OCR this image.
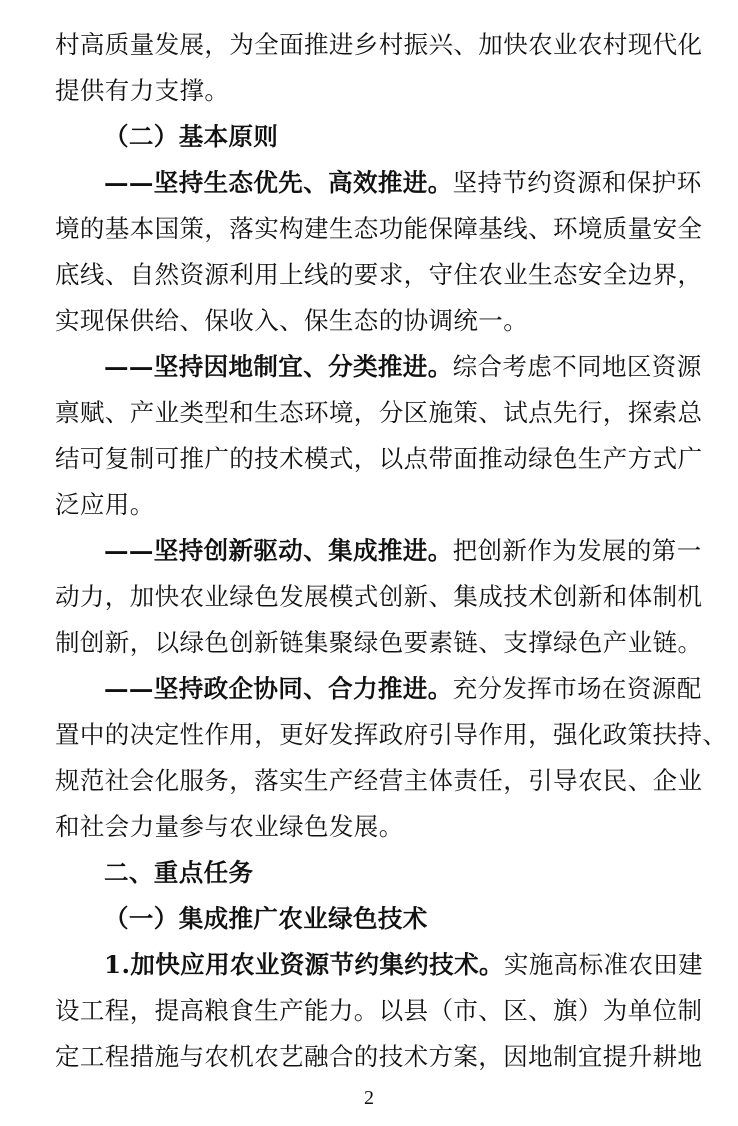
村高质量发展，为全面推进乡村振兴、加快农业农村现代化
提供有力支撑。
（二）基本原则
——坚持生态优先、高效推进。坚持节约资源和保护环
境的基本国策，落实构建生态功能保障基线、环境质量安全
底线、自然资源利用上线的要求，守住农业生态安全边界，
实现保供给、保收入、保生态的协调统一。
——坚持因地制宜、分类推进。综合考虑不同地区资源
禀赋、产业类型和生态环境，分区施策、试点先行，探索总
结可复制可推广的技术模式，以点带面推动绿色生产方式广
泛应用。
——坚持创新驱动、集成推进。把创新作为发展的第一
动力，加快农业绿色发展模式创新、集成技术创新和体制机
制创新，以绿色创新链集聚绿色要素链、支撑绿色产业链。
——坚持政企协同、合力推进。充分发挥市场在资源配
置中的决定性作用，更好发挥政府引导作用，强化政策扶持、
规范社会化服务，落实生产经营主体责任，引导农民、企业
和社会力量参与农业绿色发展。
二、重点任务
（一）集成推广农业绿色技术
1.加快应用农业资源节约集约技术。实施高标准农田建
设工程，提高粮食生产能力。以县（市、区、旗）为单位制
定工程措施与农机农艺融合的技术方案，因地制宜提升耕地
2
